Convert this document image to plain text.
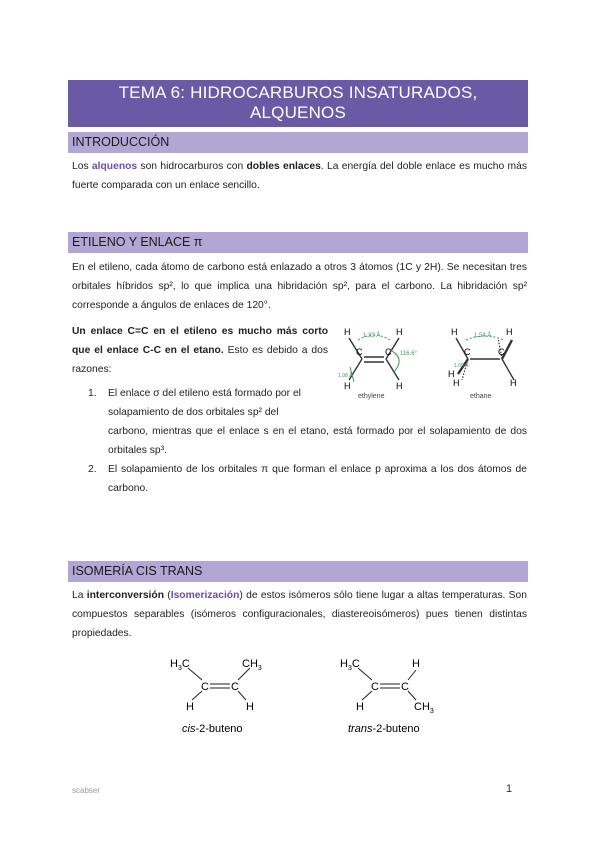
TEMA 6: HIDROCARBUROS INSATURADOS,
ALQUENOS
INTRODUCCIÓN
Los alquenos son hidrocarburos con dobles enlaces. La energía del doble enlace es mucho más fuerte comparada con un enlace sencillo.
ETILENO Y ENLACE π
En el etileno, cada átomo de carbono está enlazado a otros 3 átomos (1C y 2H). Se necesitan tres orbitales híbridos sp², lo que implica una hibridación sp², para el carbono. La hibridación sp² corresponde a ángulos de enlaces de 120°.
Un enlace C=C en el etileno es mucho más corto que el enlace C-C en el etano. Esto es debido a dos razones:
1. El enlace σ del etileno está formado por el
solapamiento de dos orbitales sp² del
carbono, mientras que el enlace s en el etano, está formado por el solapamiento de dos orbitales sp³.
2.	El solapamiento de los orbitales π que forman el enlace p aproxima a los dos átomos de carbono.
H	H
H	H
C	C
1.33 Å
116.6°
1.08 Å
ethylene
H	H
H
H	H
C	C
1.54 Å
1.09 Å
ethane
ISOMERÍA CIS TRANS
La interconversión (Isomerización) de estos isómeros sólo tiene lugar a altas temperaturas. Son compuestos separables (isómeros configuracionales, diastereoisómeros) pues tienen distintas propiedades.
$H_3C$	$CH_3$
C C
H	H
cis-2-buteno
$H_3C$	H
C C
H	$CH_3$
trans-2-buteno
scabser	1
